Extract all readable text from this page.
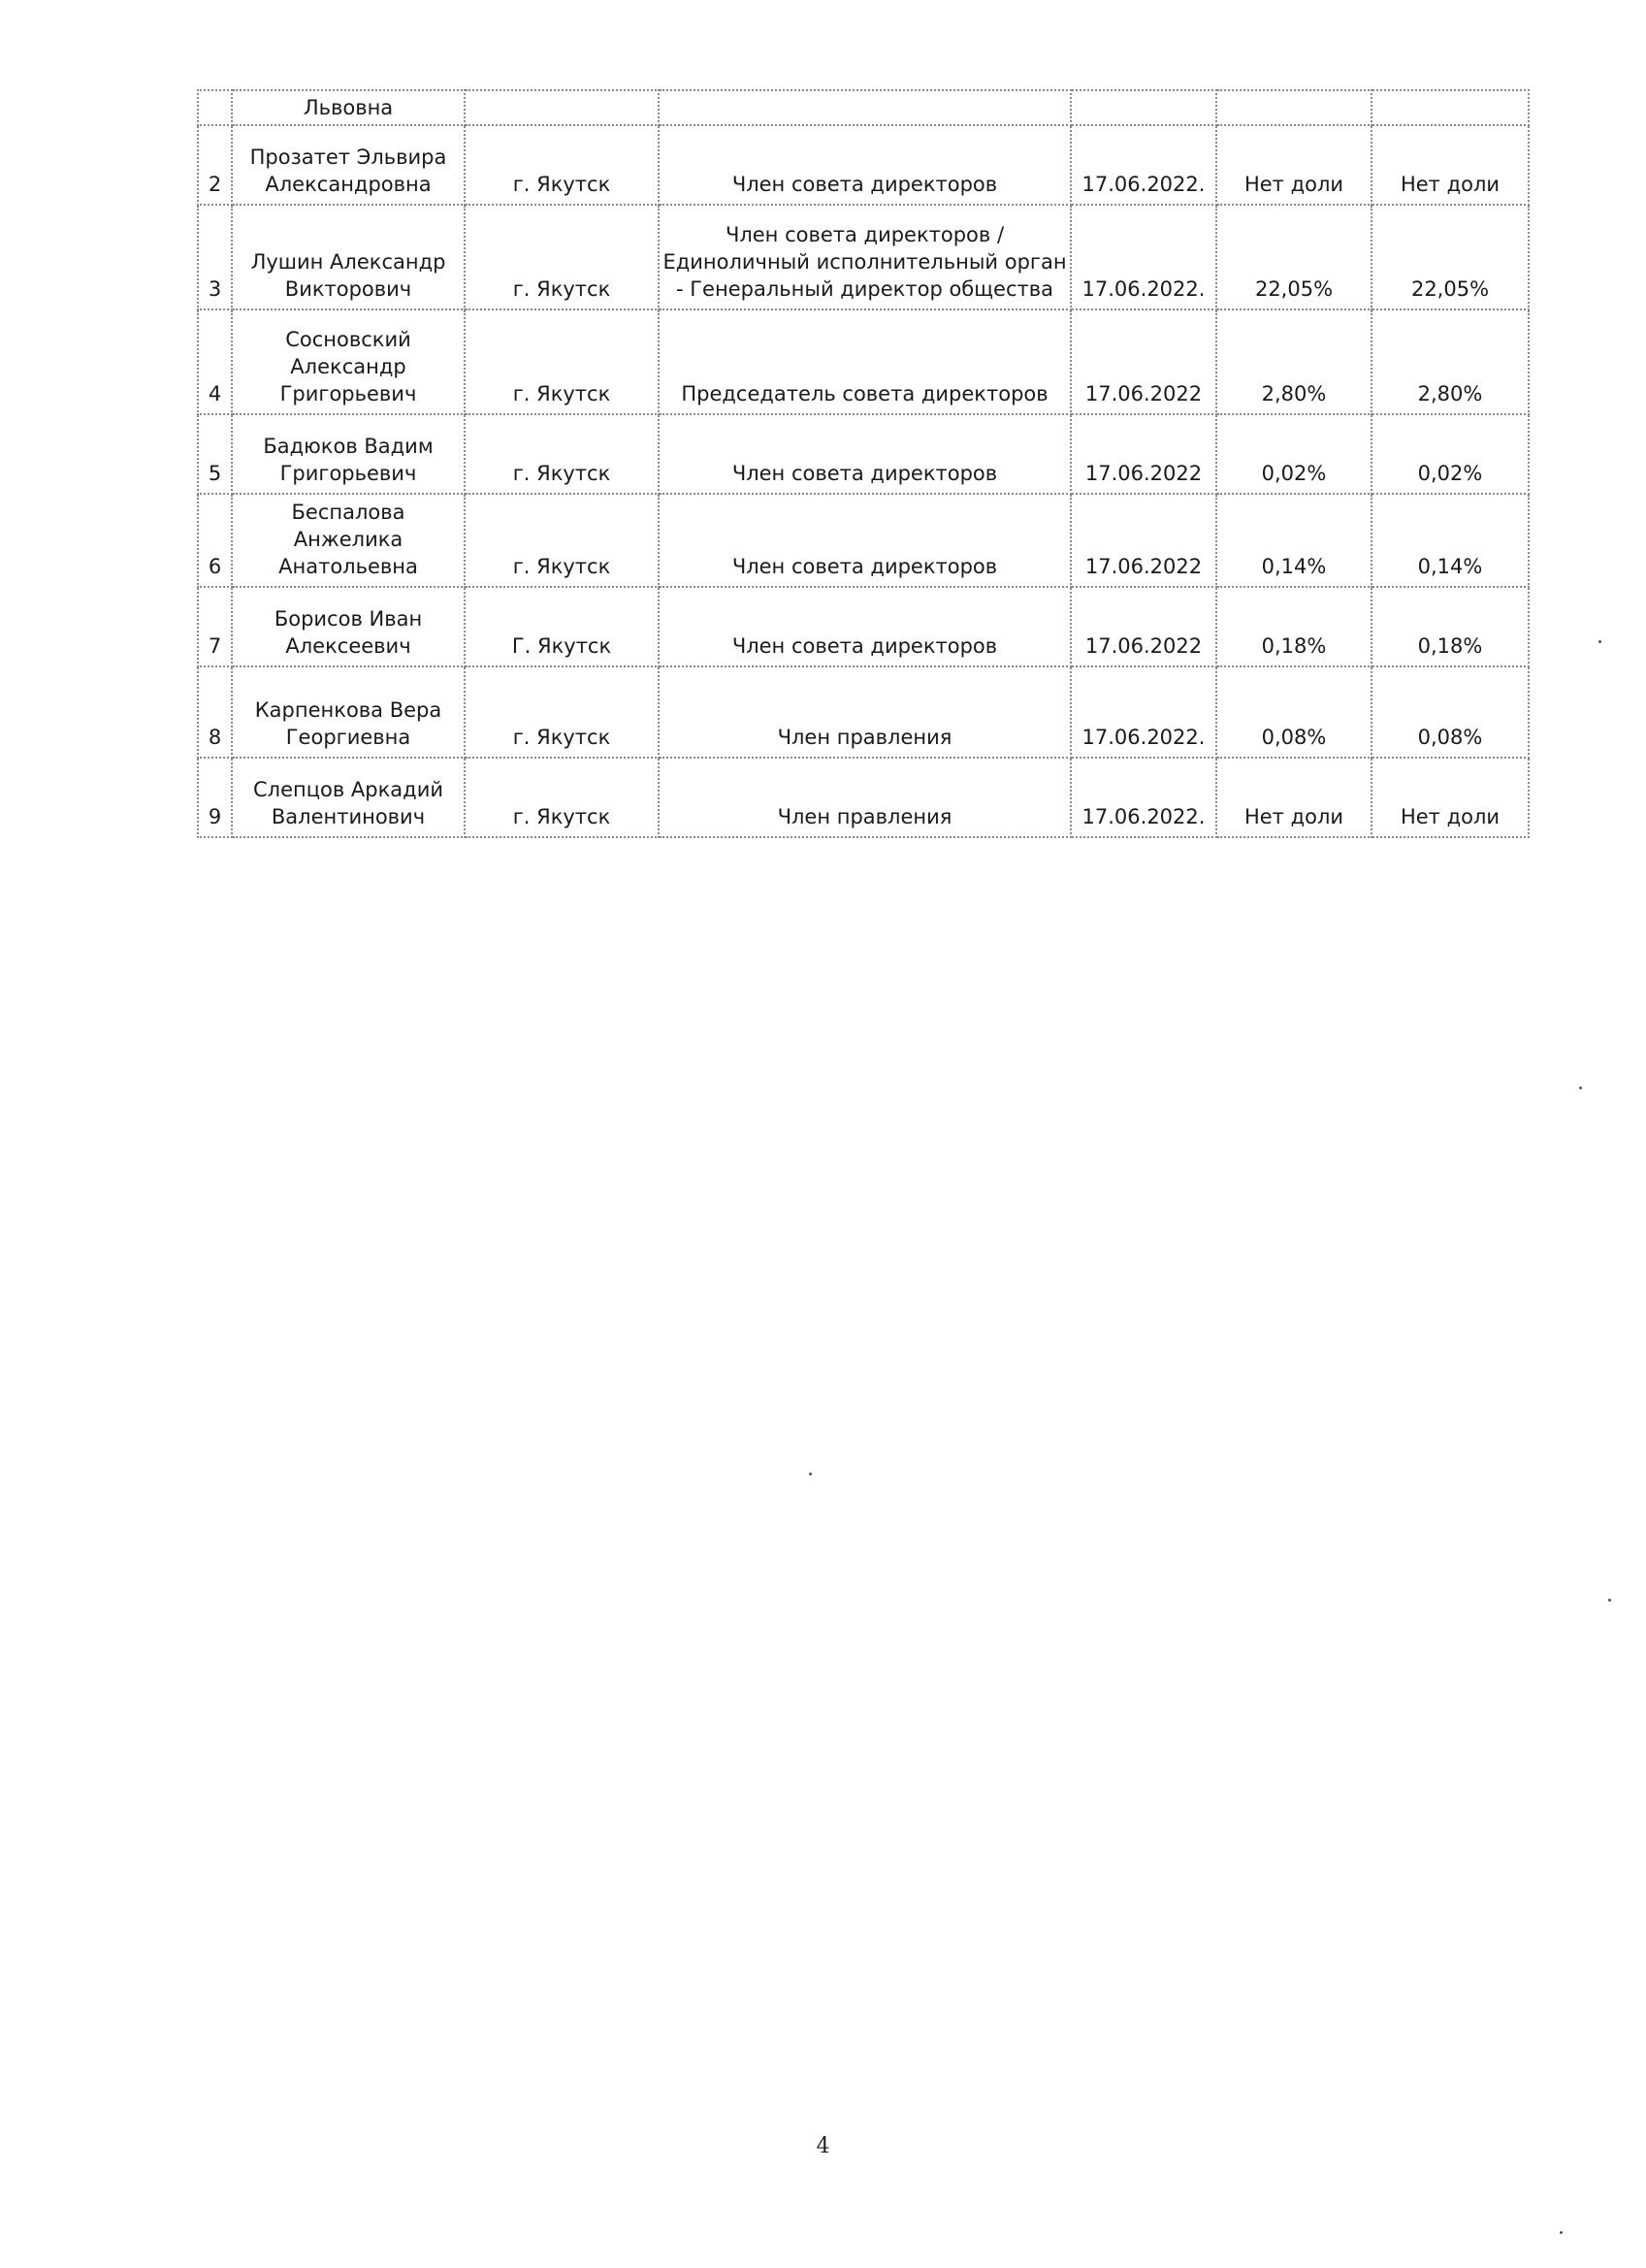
	Львовна					
2	Прозатет Эльвира Александровна	г. Якутск	Член совета директоров	17.06.2022.	Нет доли	Нет доли
3	Лушин Александр Викторович	г. Якутск	Член совета директоров / Единоличный исполнительный орган - Генеральный директор общества	17.06.2022.	22,05%	22,05%
4	Сосновский Александр Григорьевич	г. Якутск	Председатель совета директоров	17.06.2022	2,80%	2,80%
5	Бадюков Вадим Григорьевич	г. Якутск	Член совета директоров	17.06.2022	0,02%	0,02%
6	Беспалова Анжелика Анатольевна	г. Якутск	Член совета директоров	17.06.2022	0,14%	0,14%
7	Борисов Иван Алексеевич	Г. Якутск	Член совета директоров	17.06.2022	0,18%	0,18%
8	Карпенкова Вера Георгиевна	г. Якутск	Член правления	17.06.2022.	0,08%	0,08%
9	Слепцов Аркадий Валентинович	г. Якутск	Член правления	17.06.2022.	Нет доли	Нет доли
4
